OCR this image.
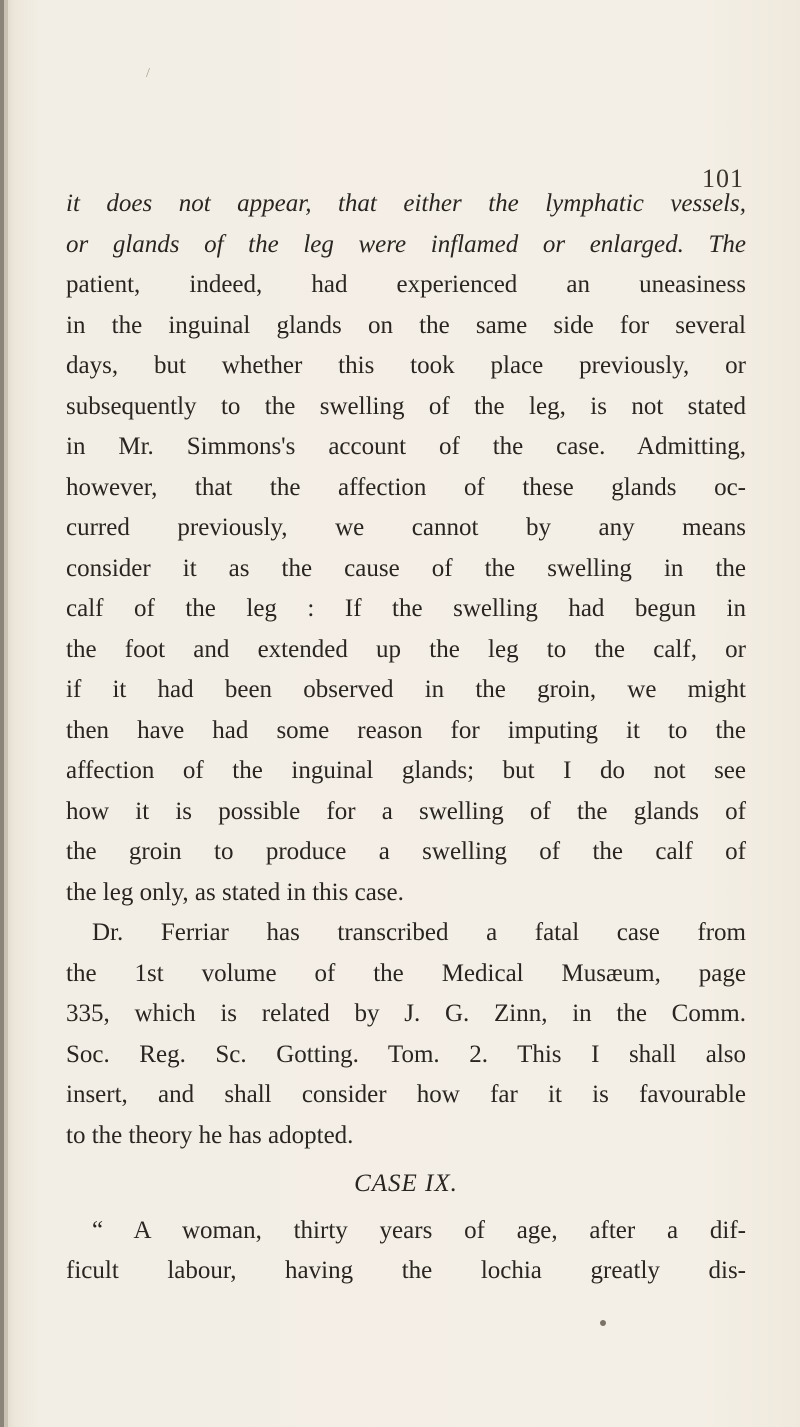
/
101
it does not appear, that either the lymphatic vessels,
or glands of the leg were inflamed or enlarged. The
patient, indeed, had experienced an uneasiness
in the inguinal glands on the same side for several
days, but whether this took place previously, or
subsequently to the swelling of the leg, is not stated
in Mr. Simmons's account of the case. Admitting,
however, that the affection of these glands oc-
curred previously, we cannot by any means
consider it as the cause of the swelling in the
calf of the leg : If the swelling had begun in
the foot and extended up the leg to the calf, or
if it had been observed in the groin, we might
then have had some reason for imputing it to the
affection of the inguinal glands; but I do not see
how it is possible for a swelling of the glands of
the groin to produce a swelling of the calf of
the leg only, as stated in this case.
Dr. Ferriar has transcribed a fatal case from
the 1st volume of the Medical Musæum, page
335, which is related by J. G. Zinn, in the Comm.
Soc. Reg. Sc. Gotting. Tom. 2. This I shall also
insert, and shall consider how far it is favourable
to the theory he has adopted.
CASE IX.
“ A woman, thirty years of age, after a dif-
ficult labour, having the lochia greatly dis-
